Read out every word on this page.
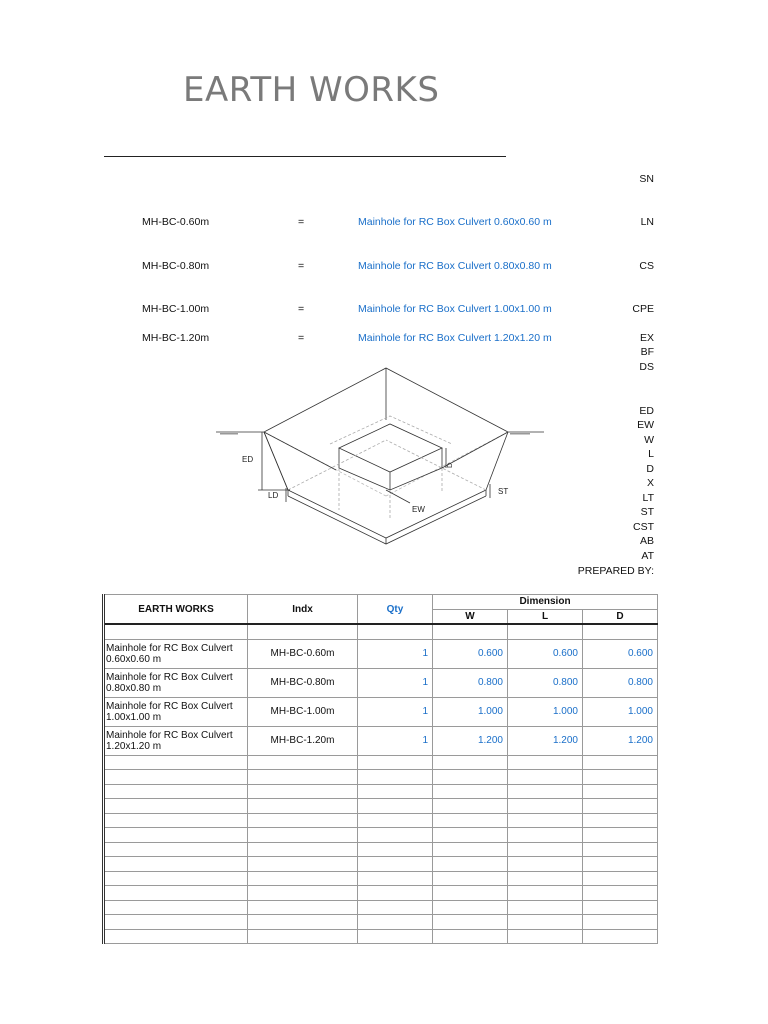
EARTH WORKS
MH-BC-0.60m	=	Mainhole for RC Box Culvert 0.60x0.60 m
MH-BC-0.80m	=	Mainhole for RC Box Culvert 0.80x0.80 m
MH-BC-1.00m	=	Mainhole for RC Box Culvert 1.00x1.00 m
MH-BC-1.20m	=	Mainhole for RC Box Culvert 1.20x1.20 m
SN
LN
CS
CPE
EX
BF
DS
ED
EW
W
L
D
X
LT
ST
CST
AB
AT
PREPARED BY:
ED
LD
EW
ST
D
EARTH WORKS	Indx	Qty	Dimension		
			W	L	D

Mainhole for RC Box Culvert
0.60x0.60 m	MH-BC-0.60m	1	0.600	0.600	0.600

Mainhole for RC Box Culvert
0.80x0.80 m	MH-BC-0.80m	1	0.800	0.800	0.800

Mainhole for RC Box Culvert
1.00x1.00 m	MH-BC-1.00m	1	1.000	1.000	1.000

Mainhole for RC Box Culvert
1.20x1.20 m	MH-BC-1.20m	1	1.200	1.200	1.200
